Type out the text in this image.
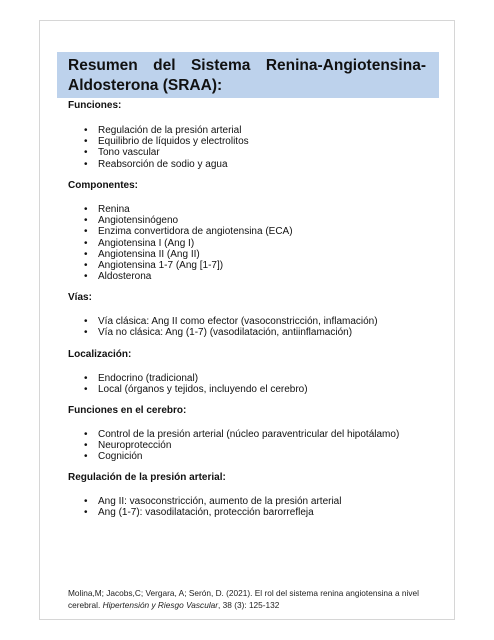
Resumen del Sistema Renina-Angiotensina-
Aldosterona (SRAA):

Funciones:

• Regulación de la presión arterial
• Equilibrio de líquidos y electrolitos
• Tono vascular
• Reabsorción de sodio y agua

Componentes:

• Renina
• Angiotensinógeno
• Enzima convertidora de angiotensina (ECA)
• Angiotensina I (Ang I)
• Angiotensina II (Ang II)
• Angiotensina 1-7 (Ang [1-7])
• Aldosterona

Vías:

• Vía clásica: Ang II como efector (vasoconstricción, inflamación)
• Vía no clásica: Ang (1-7) (vasodilatación, antiinflamación)

Localización:

• Endocrino (tradicional)
• Local (órganos y tejidos, incluyendo el cerebro)

Funciones en el cerebro:

• Control de la presión arterial (núcleo paraventricular del hipotálamo)
• Neuroprotección
• Cognición

Regulación de la presión arterial:

• Ang II: vasoconstricción, aumento de la presión arterial
• Ang (1-7): vasodilatación, protección barorrefleja
Molina,M; Jacobs,C; Vergara, A; Serón, D. (2021). El rol del sistema renina angiotensina a nivel cerebral. Hipertensión y Riesgo Vascular, 38 (3): 125-132
